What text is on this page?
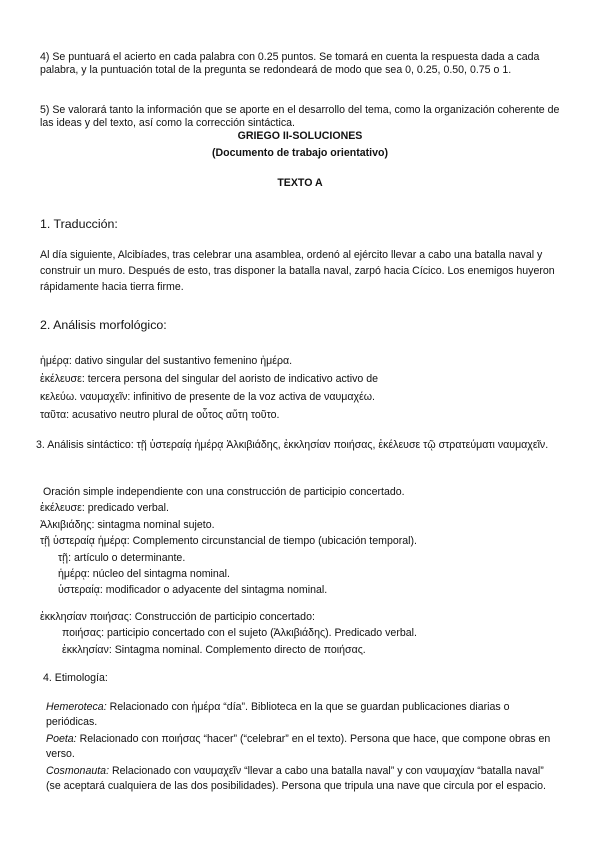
4) Se puntuará el acierto en cada palabra con 0.25 puntos. Se tomará en cuenta la respuesta dada a cada palabra, y la puntuación total de la pregunta se redondeará de modo que sea 0, 0.25, 0.50, 0.75 o 1.

5) Se valorará tanto la información que se aporte en el desarrollo del tema, como la organización coherente de las ideas y del texto, así como la corrección sintáctica.

GRIEGO II-SOLUCIONES
(Documento de trabajo orientativo)
TEXTO A
1. Traducción:
Al día siguiente, Alcibíades, tras celebrar una asamblea, ordenó al ejército llevar a cabo una batalla naval y construir un muro. Después de esto, tras disponer la batalla naval, zarpó hacia Cícico. Los enemigos huyeron rápidamente hacia tierra firme.
2. Análisis morfológico:
ἡμέρᾳ: dativo singular del sustantivo femenino ἡμέρα.
ἐκέλευσε: tercera persona del singular del aoristo de indicativo activo de
κελεύω. ναυμαχεῖν: infinitivo de presente de la voz activa de ναυμαχέω.
ταῦτα: acusativo neutro plural de οὗτος αὕτη τοῦτο.
3. Análisis sintáctico: τῇ ὑστεραίᾳ ἡμέρᾳ Ἀλκιβιάδης, ἐκκλησίαν ποιήσας, ἐκέλευσε τῷ στρατεύματι ναυμαχεῖν.
Oración simple independiente con una construcción de participio concertado.
ἐκέλευσε: predicado verbal.
Ἀλκιβιάδης: sintagma nominal sujeto.
τῇ ὑστεραίᾳ ἡμέρᾳ: Complemento circunstancial de tiempo (ubicación temporal).
τῇ: artículo o determinante.
ἡμέρᾳ: núcleo del sintagma nominal.
ὑστεραίᾳ: modificador o adyacente del sintagma nominal.
ἐκκλησίαν ποιήσας: Construcción de participio concertado:
ποιήσας: participio concertado con el sujeto (Ἀλκιβιάδης). Predicado verbal.
ἐκκλησίαν: Sintagma nominal. Complemento directo de ποιήσας.
4. Etimología:
Hemeroteca: Relacionado con ἡμέρα “día”. Biblioteca en la que se guardan publicaciones diarias o periódicas.
Poeta: Relacionado con ποιήσας “hacer” (“celebrar” en el texto). Persona que hace, que compone obras en verso.
Cosmonauta: Relacionado con ναυμαχεῖν “llevar a cabo una batalla naval” y con ναυμαχίαν “batalla naval” (se aceptará cualquiera de las dos posibilidades). Persona que tripula una nave que circula por el espacio.
